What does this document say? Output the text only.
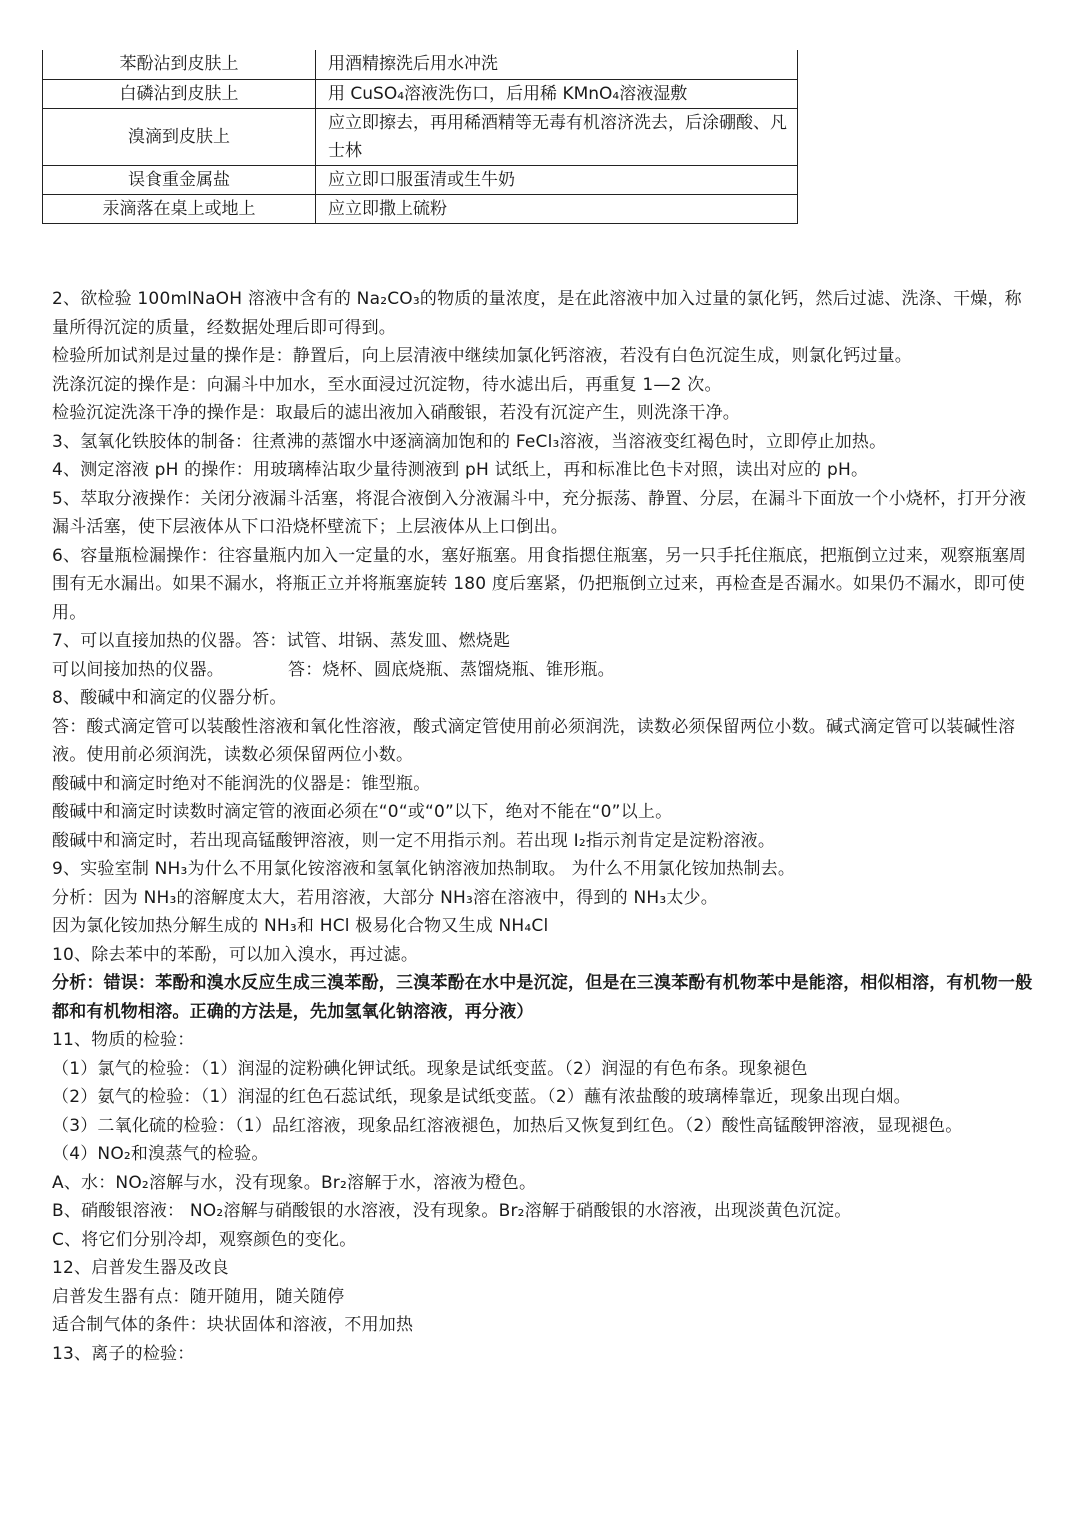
苯酚沾到皮肤上	用酒精擦洗后用水冲洗
白磷沾到皮肤上	用 CuSO₄溶液洗伤口，后用稀 KMnO₄溶液湿敷
溴滴到皮肤上	应立即擦去，再用稀酒精等无毒有机溶济洗去，后涂硼酸、凡士林
误食重金属盐	应立即口服蛋清或生牛奶
汞滴落在桌上或地上	应立即撒上硫粉

2、欲检验 100mlNaOH 溶液中含有的 Na₂CO₃的物质的量浓度，是在此溶液中加入过量的氯化钙，然后过滤、洗涤、干燥，称量所得沉淀的质量，经数据处理后即可得到。

检验所加试剂是过量的操作是：静置后，向上层清液中继续加氯化钙溶液，若没有白色沉淀生成，则氯化钙过量。

洗涤沉淀的操作是：向漏斗中加水，至水面浸过沉淀物，待水滤出后，再重复 1—2 次。

检验沉淀洗涤干净的操作是：取最后的滤出液加入硝酸银，若没有沉淀产生，则洗涤干净。

3、氢氧化铁胶体的制备：往煮沸的蒸馏水中逐滴滴加饱和的 FeCl₃溶液，当溶液变红褐色时，立即停止加热。

4、测定溶液 pH 的操作：用玻璃棒沾取少量待测液到 pH 试纸上，再和标准比色卡对照，读出对应的 pH。

5、萃取分液操作：关闭分液漏斗活塞，将混合液倒入分液漏斗中，充分振荡、静置、分层，在漏斗下面放一个小烧杯，打开分液漏斗活塞，使下层液体从下口沿烧杯壁流下；上层液体从上口倒出。

6、容量瓶检漏操作：往容量瓶内加入一定量的水，塞好瓶塞。用食指摁住瓶塞，另一只手托住瓶底，把瓶倒立过来，观察瓶塞周围有无水漏出。如果不漏水，将瓶正立并将瓶塞旋转 180 度后塞紧，仍把瓶倒立过来，再检查是否漏水。如果仍不漏水，即可使用。

7、可以直接加热的仪器。答：试管、坩锅、蒸发皿、燃烧匙

可以间接加热的仪器。	答：烧杯、圆底烧瓶、蒸馏烧瓶、锥形瓶。

8、酸碱中和滴定的仪器分析。

答：酸式滴定管可以装酸性溶液和氧化性溶液，酸式滴定管使用前必须润洗，读数必须保留两位小数。碱式滴定管可以装碱性溶液。使用前必须润洗，读数必须保留两位小数。

酸碱中和滴定时绝对不能润洗的仪器是：锥型瓶。

酸碱中和滴定时读数时滴定管的液面必须在“0“或“0”以下，绝对不能在“0”以上。

酸碱中和滴定时，若出现高锰酸钾溶液，则一定不用指示剂。若出现 I₂指示剂肯定是淀粉溶液。

9、实验室制 NH₃为什么不用氯化铵溶液和氢氧化钠溶液加热制取。 为什么不用氯化铵加热制去。

分析：因为 NH₃的溶解度太大，若用溶液，大部分 NH₃溶在溶液中，得到的 NH₃太少。

因为氯化铵加热分解生成的 NH₃和 HCl 极易化合物又生成 NH₄Cl

10、除去苯中的苯酚，可以加入溴水，再过滤。

分析：错误：苯酚和溴水反应生成三溴苯酚，三溴苯酚在水中是沉淀，但是在三溴苯酚有机物苯中是能溶，相似相溶，有机物一般都和有机物相溶。正确的方法是，先加氢氧化钠溶液，再分液）

11、物质的检验：

（1）氯气的检验：（1）润湿的淀粉碘化钾试纸。现象是试纸变蓝。（2）润湿的有色布条。现象褪色

（2）氨气的检验：（1）润湿的红色石蕊试纸，现象是试纸变蓝。（2）蘸有浓盐酸的玻璃棒靠近，现象出现白烟。

（3）二氧化硫的检验：（1）品红溶液，现象品红溶液褪色，加热后又恢复到红色。（2）酸性高锰酸钾溶液，显现褪色。

（4）NO₂和溴蒸气的检验。

A、水：NO₂溶解与水，没有现象。Br₂溶解于水，溶液为橙色。

B、硝酸银溶液： NO₂溶解与硝酸银的水溶液，没有现象。Br₂溶解于硝酸银的水溶液，出现淡黄色沉淀。

C、将它们分别冷却，观察颜色的变化。

12、启普发生器及改良

启普发生器有点：随开随用，随关随停

适合制气体的条件：块状固体和溶液，不用加热

13、离子的检验：
